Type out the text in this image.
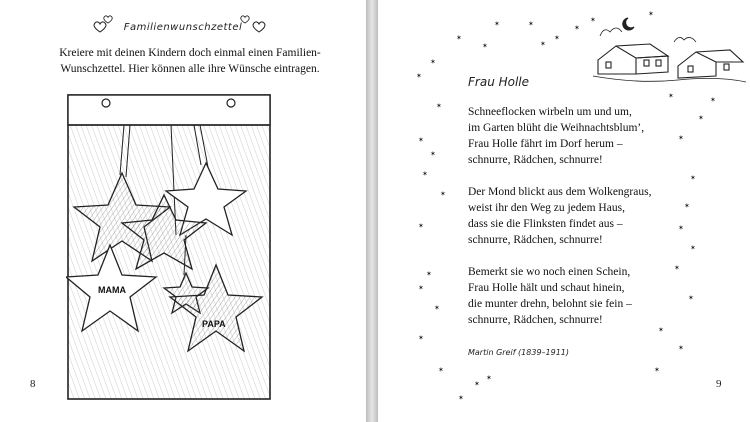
Familienwunschzettel
Kreiere mit deinen Kindern doch einmal einen Familien-Wunschzettel. Hier können alle ihre Wünsche eintragen.
MAMA
PAPA
8
✶
✶
✶
✶
✶
✶
✶
✶
✶
✶
✶
✶
✶
✶
✶
✶
✶
✶
✶
✶
✶
✶
✶
✶
✶
✶
✶
✶
✶
✶
✶
✶
✶
✶
✶
✶
✶
✶
Frau Holle
Schneeflocken wirbeln um und um,
im Garten blüht die Weihnachtsblum’,
Frau Holle fährt im Dorf herum –
schnurre, Rädchen, schnurre!
Der Mond blickt aus dem Wolkengraus,
weist ihr den Weg zu jedem Haus,
dass sie die Flinksten findet aus –
schnurre, Rädchen, schnurre!
Bemerkt sie wo noch einen Schein,
Frau Holle hält und schaut hinein,
die munter drehn, belohnt sie fein –
schnurre, Rädchen, schnurre!
Martin Greif (1839–1911)
9
